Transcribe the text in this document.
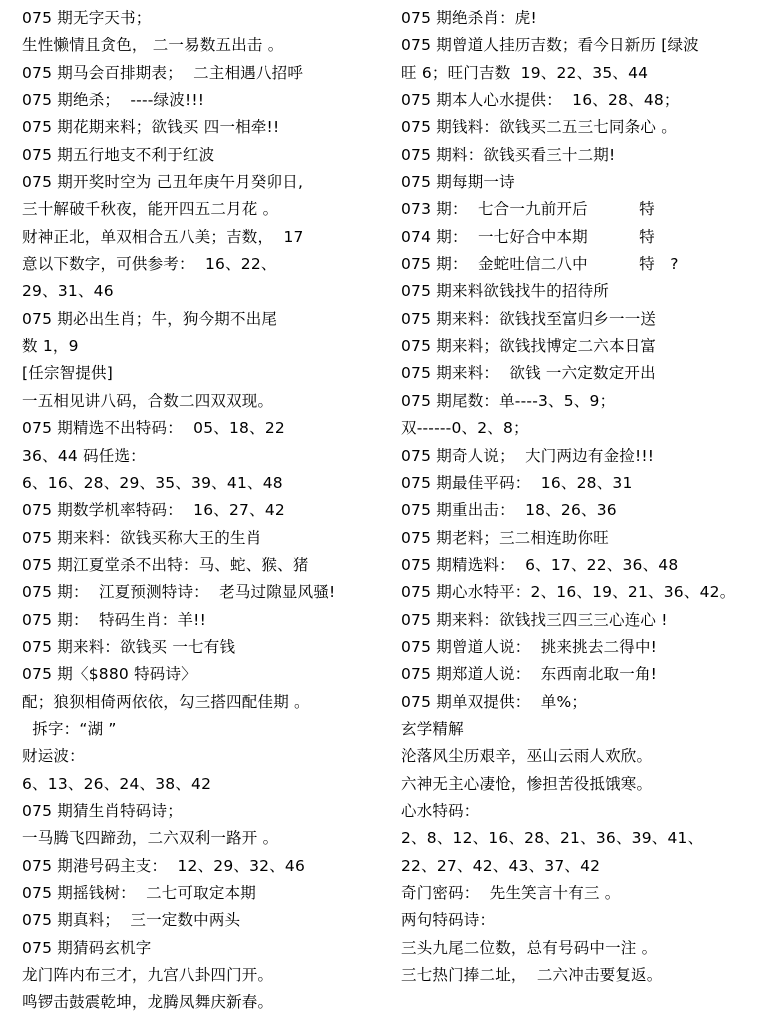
075 期无字天书；
生性懒情且贪色， 二一易数五出击 。
075 期马会百排期表；  二主相遇八招呼
075 期绝杀；  ----绿波!!!
075 期花期来料；欲钱买 四一相牵!!
075 期五行地支不利于红波
075 期开奖时空为 己丑年庚午月癸卯日,
三十解破千秋夜，能开四五二月花 。
财神正北，单双相合五八美；吉数，  17
意以下数字，可供参考：  16、22、
29、31、46
075 期必出生肖；牛，狗今期不出尾
数 1，9
[任宗智提供]
一五相见讲八码，合数二四双双现。
075 期精选不出特码：  05、18、22
36、44 码任选：
6、16、28、29、35、39、41、48
075 期数学机率特码：  16、27、42
075 期来料：欲钱买称大王的生肖
075 期江夏堂杀不出特：马、蛇、猴、猪
075 期：  江夏预测特诗：  老马过隙显风骚!
075 期：  特码生肖：羊!!
075 期来料：欲钱买 一七有钱
075 期〈$880 特码诗〉
配；狼狈相倚两依依，勾三搭四配佳期 。
拆字：“湖 ”
财运波：
6、13、26、24、38、42
075 期猜生肖特码诗；
一马腾飞四蹄劲，二六双利一路开 。
075 期港号码主支：  12、29、32、46
075 期摇钱树：  二七可取定本期
075 期真料；  三一定数中两头
075 期猜码玄机字
龙门阵内布三才，九宫八卦四门开。
鸣锣击鼓震乾坤，龙腾凤舞庆新春。
075 期绝杀肖：虎!
075 期曾道人挂历吉数；看今日新历 [绿波
旺 6；旺门吉数  19、22、35、44
075 期本人心水提供：  16、28、48；
075 期钱料：欲钱买二五三七同条心 。
075 期料：欲钱买看三十二期!
075 期每期一诗
073 期：  七合一九前开后          特
074 期：  一七好合中本期          特
075 期：  金蛇吐信二八中          特   ?
075 期来料欲钱找牛的招待所
075 期来料：欲钱找至富归乡一一送
075 期来料；欲钱找博定二六本日富
075 期来料：  欲钱 一六定数定开出
075 期尾数：单----3、5、9；
双------0、2、8；
075 期奇人说；  大门两边有金捡!!!
075 期最佳平码：  16、28、31
075 期重出击：  18、26、36
075 期老料；三二相连助你旺
075 期精选料：  6、17、22、36、48
075 期心水特平：2、16、19、21、36、42。
075 期来料：欲钱找三四三三心连心 !
075 期曾道人说：  挑来挑去二得中!
075 期郑道人说：  东西南北取一角!
075 期单双提供：  单%；
玄学精解
沦落风尘历艰辛，巫山云雨人欢欣。
六神无主心凄怆，惨担苦役抵饿寒。
心水特码：
2、8、12、16、28、21、36、39、41、
22、27、42、43、37、42
奇门密码：  先生笑言十有三 。
两句特码诗：
三头九尾二位数，总有号码中一注 。
三七热门捧二址，  二六冲击要复返。
